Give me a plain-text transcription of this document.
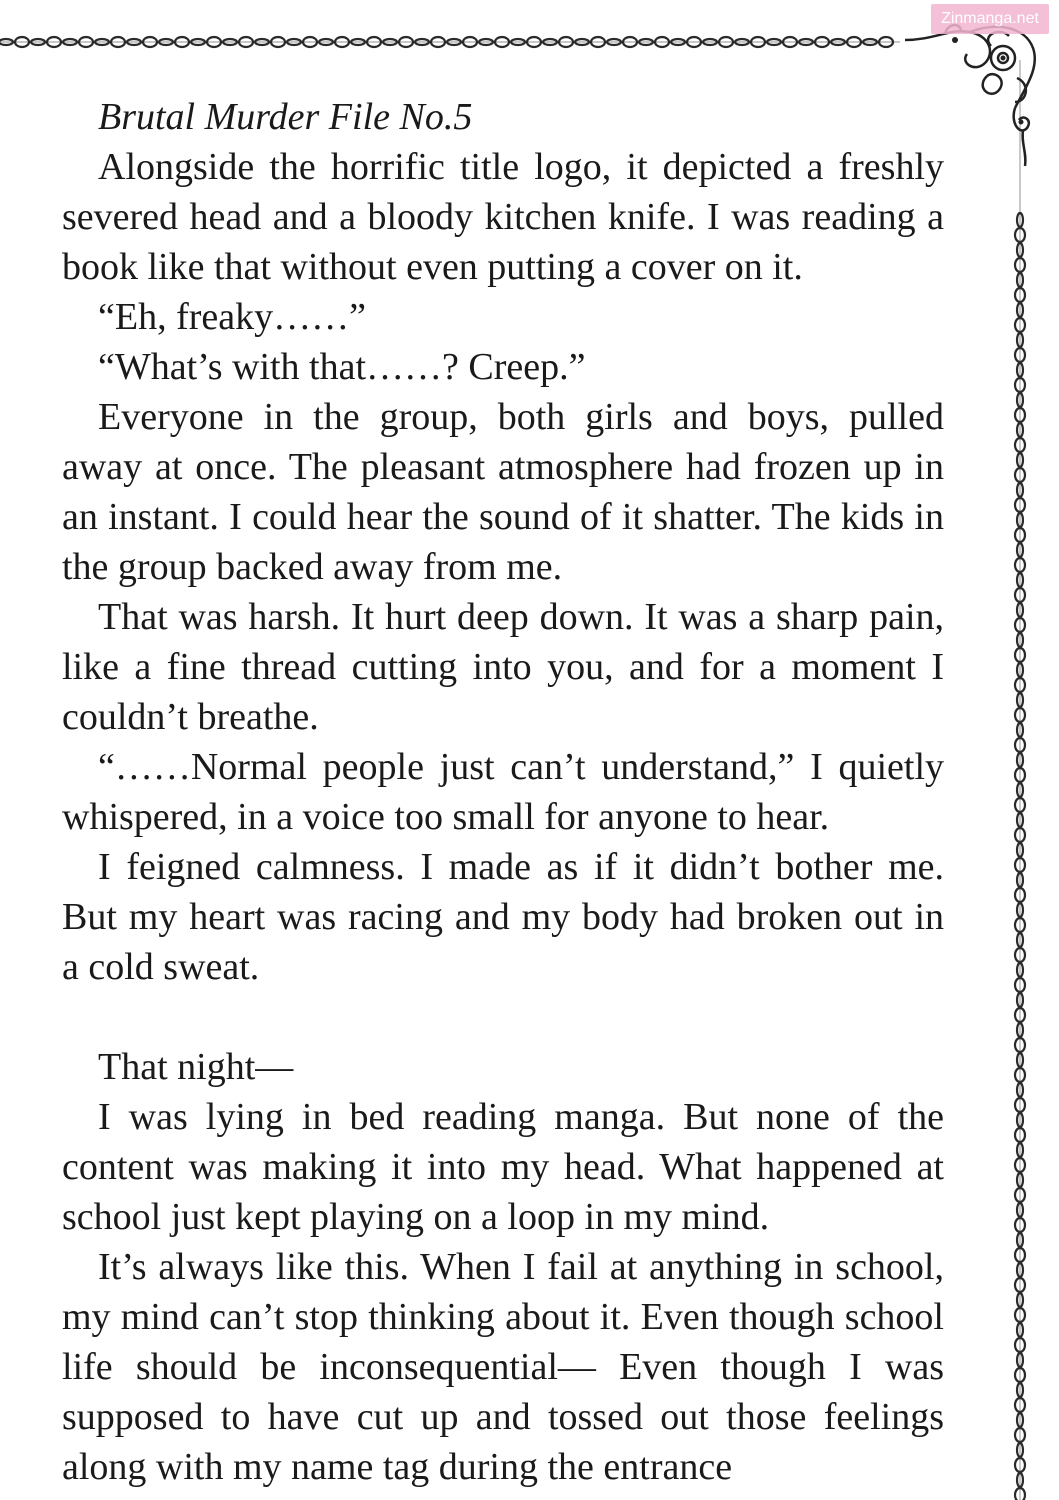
Zinmanga.net

Brutal Murder File No.5

Alongside the horrific title logo, it depicted a freshly severed head and a bloody kitchen knife. I was reading a book like that without even putting a cover on it.

“Eh, freaky……”

“What’s with that……? Creep.”

Everyone in the group, both girls and boys, pulled away at once. The pleasant atmosphere had frozen up in an instant. I could hear the sound of it shatter. The kids in the group backed away from me.

That was harsh. It hurt deep down. It was a sharp pain, like a fine thread cutting into you, and for a moment I couldn’t breathe.

“……Normal people just can’t understand,” I quietly whispered, in a voice too small for anyone to hear.

I feigned calmness. I made as if it didn’t bother me. But my heart was racing and my body had broken out in a cold sweat.

That night—

I was lying in bed reading manga. But none of the content was making it into my head. What happened at school just kept playing on a loop in my mind.

It’s always like this. When I fail at anything in school, my mind can’t stop thinking about it. Even though school life should be inconsequential— Even though I was supposed to have cut up and tossed out those feelings along with my name tag during the entrance
